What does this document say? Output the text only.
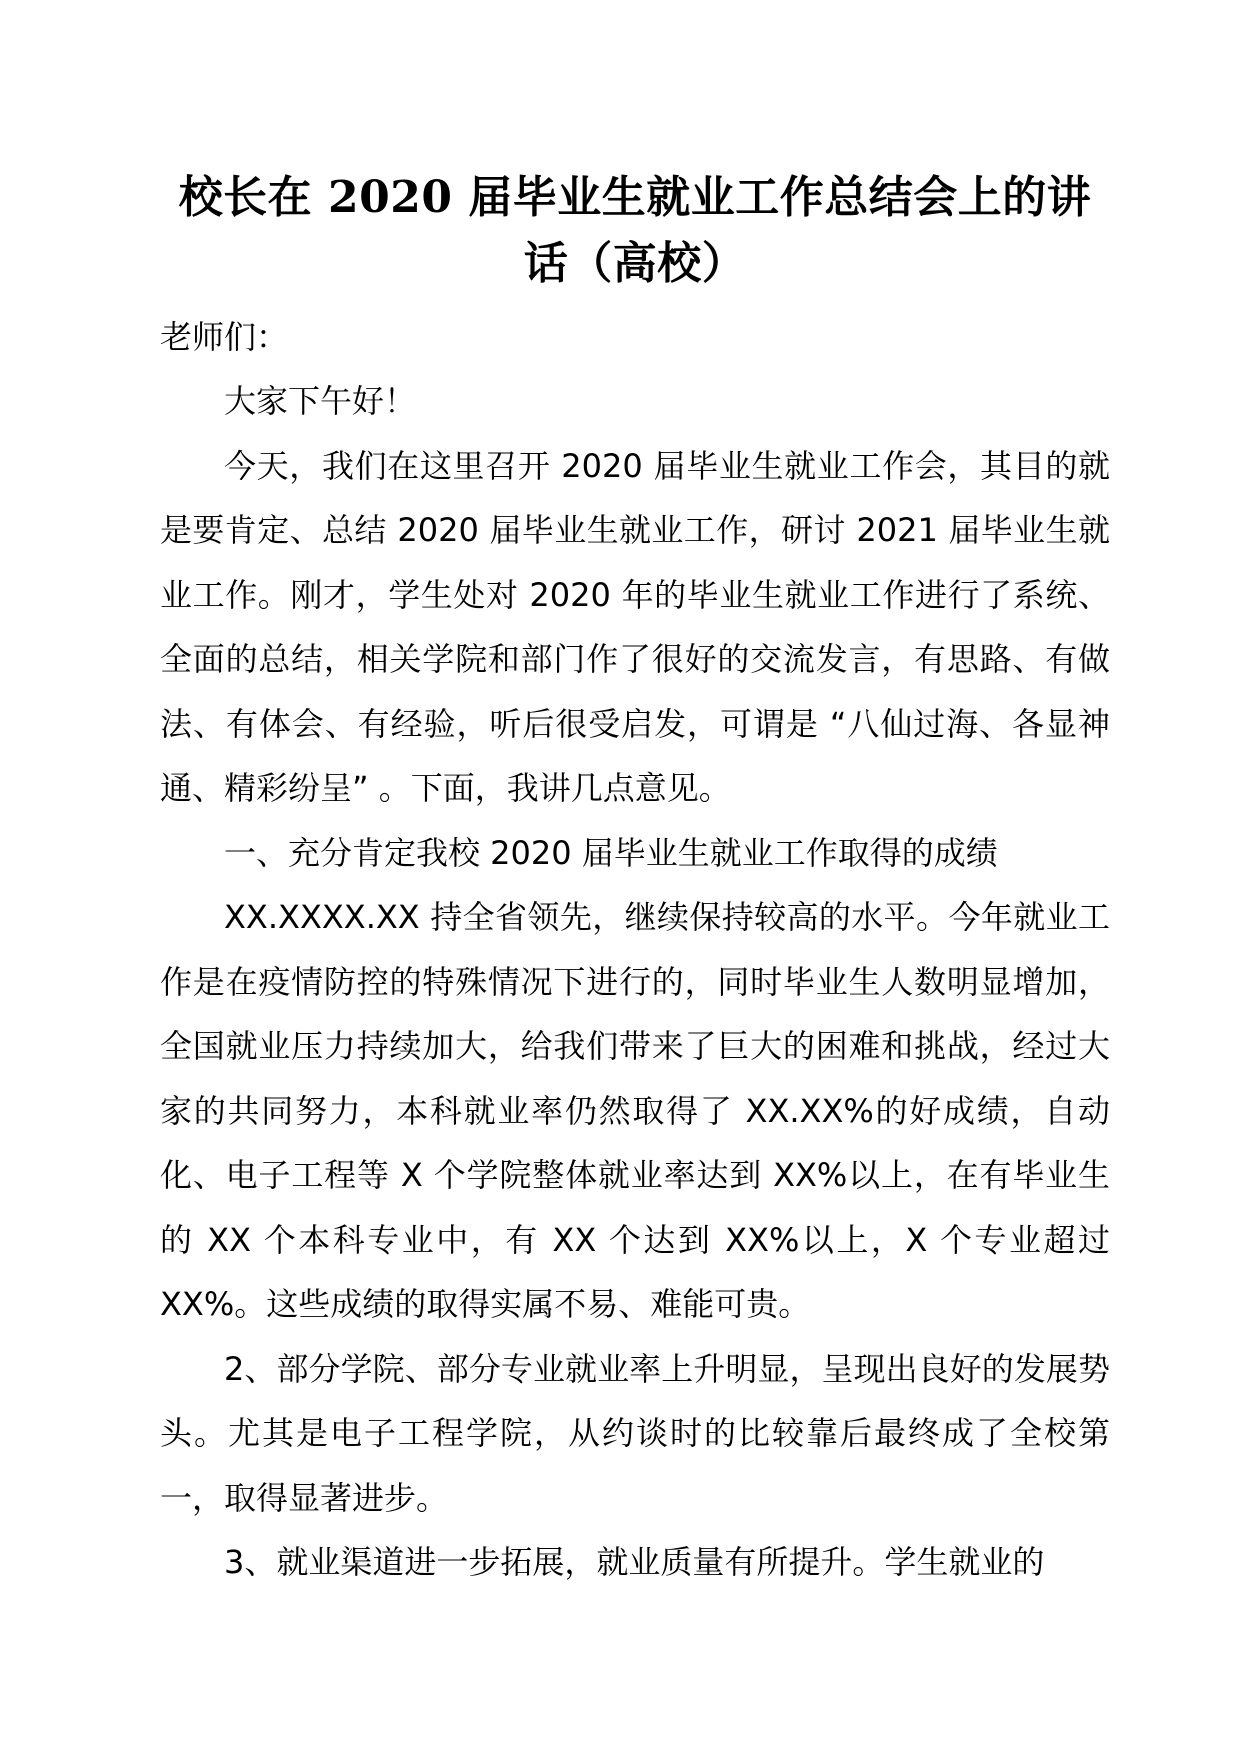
校长在 2020 届毕业生就业工作总结会上的讲话（高校）

老师们：

大家下午好！

今天，我们在这里召开 2020 届毕业生就业工作会，其目的就是要肯定、总结 2020 届毕业生就业工作，研讨 2021 届毕业生就业工作。刚才，学生处对 2020 年的毕业生就业工作进行了系统、全面的总结，相关学院和部门作了很好的交流发言，有思路、有做法、有体会、有经验，听后很受启发，可谓是 “八仙过海、各显神通、精彩纷呈” 。下面，我讲几点意见。

一、充分肯定我校 2020 届毕业生就业工作取得的成绩

XX.XXXX.XX 持全省领先，继续保持较高的水平。今年就业工作是在疫情防控的特殊情况下进行的，同时毕业生人数明显增加，全国就业压力持续加大，给我们带来了巨大的困难和挑战，经过大家的共同努力，本科就业率仍然取得了 XX.XX%的好成绩，自动化、电子工程等 X 个学院整体就业率达到 XX%以上，在有毕业生的 XX 个本科专业中，有 XX 个达到 XX%以上，X 个专业超过 XX%。这些成绩的取得实属不易、难能可贵。

2、部分学院、部分专业就业率上升明显，呈现出良好的发展势头。尤其是电子工程学院，从约谈时的比较靠后最终成了全校第一，取得显著进步。

3、就业渠道进一步拓展，就业质量有所提升。学生就业的
